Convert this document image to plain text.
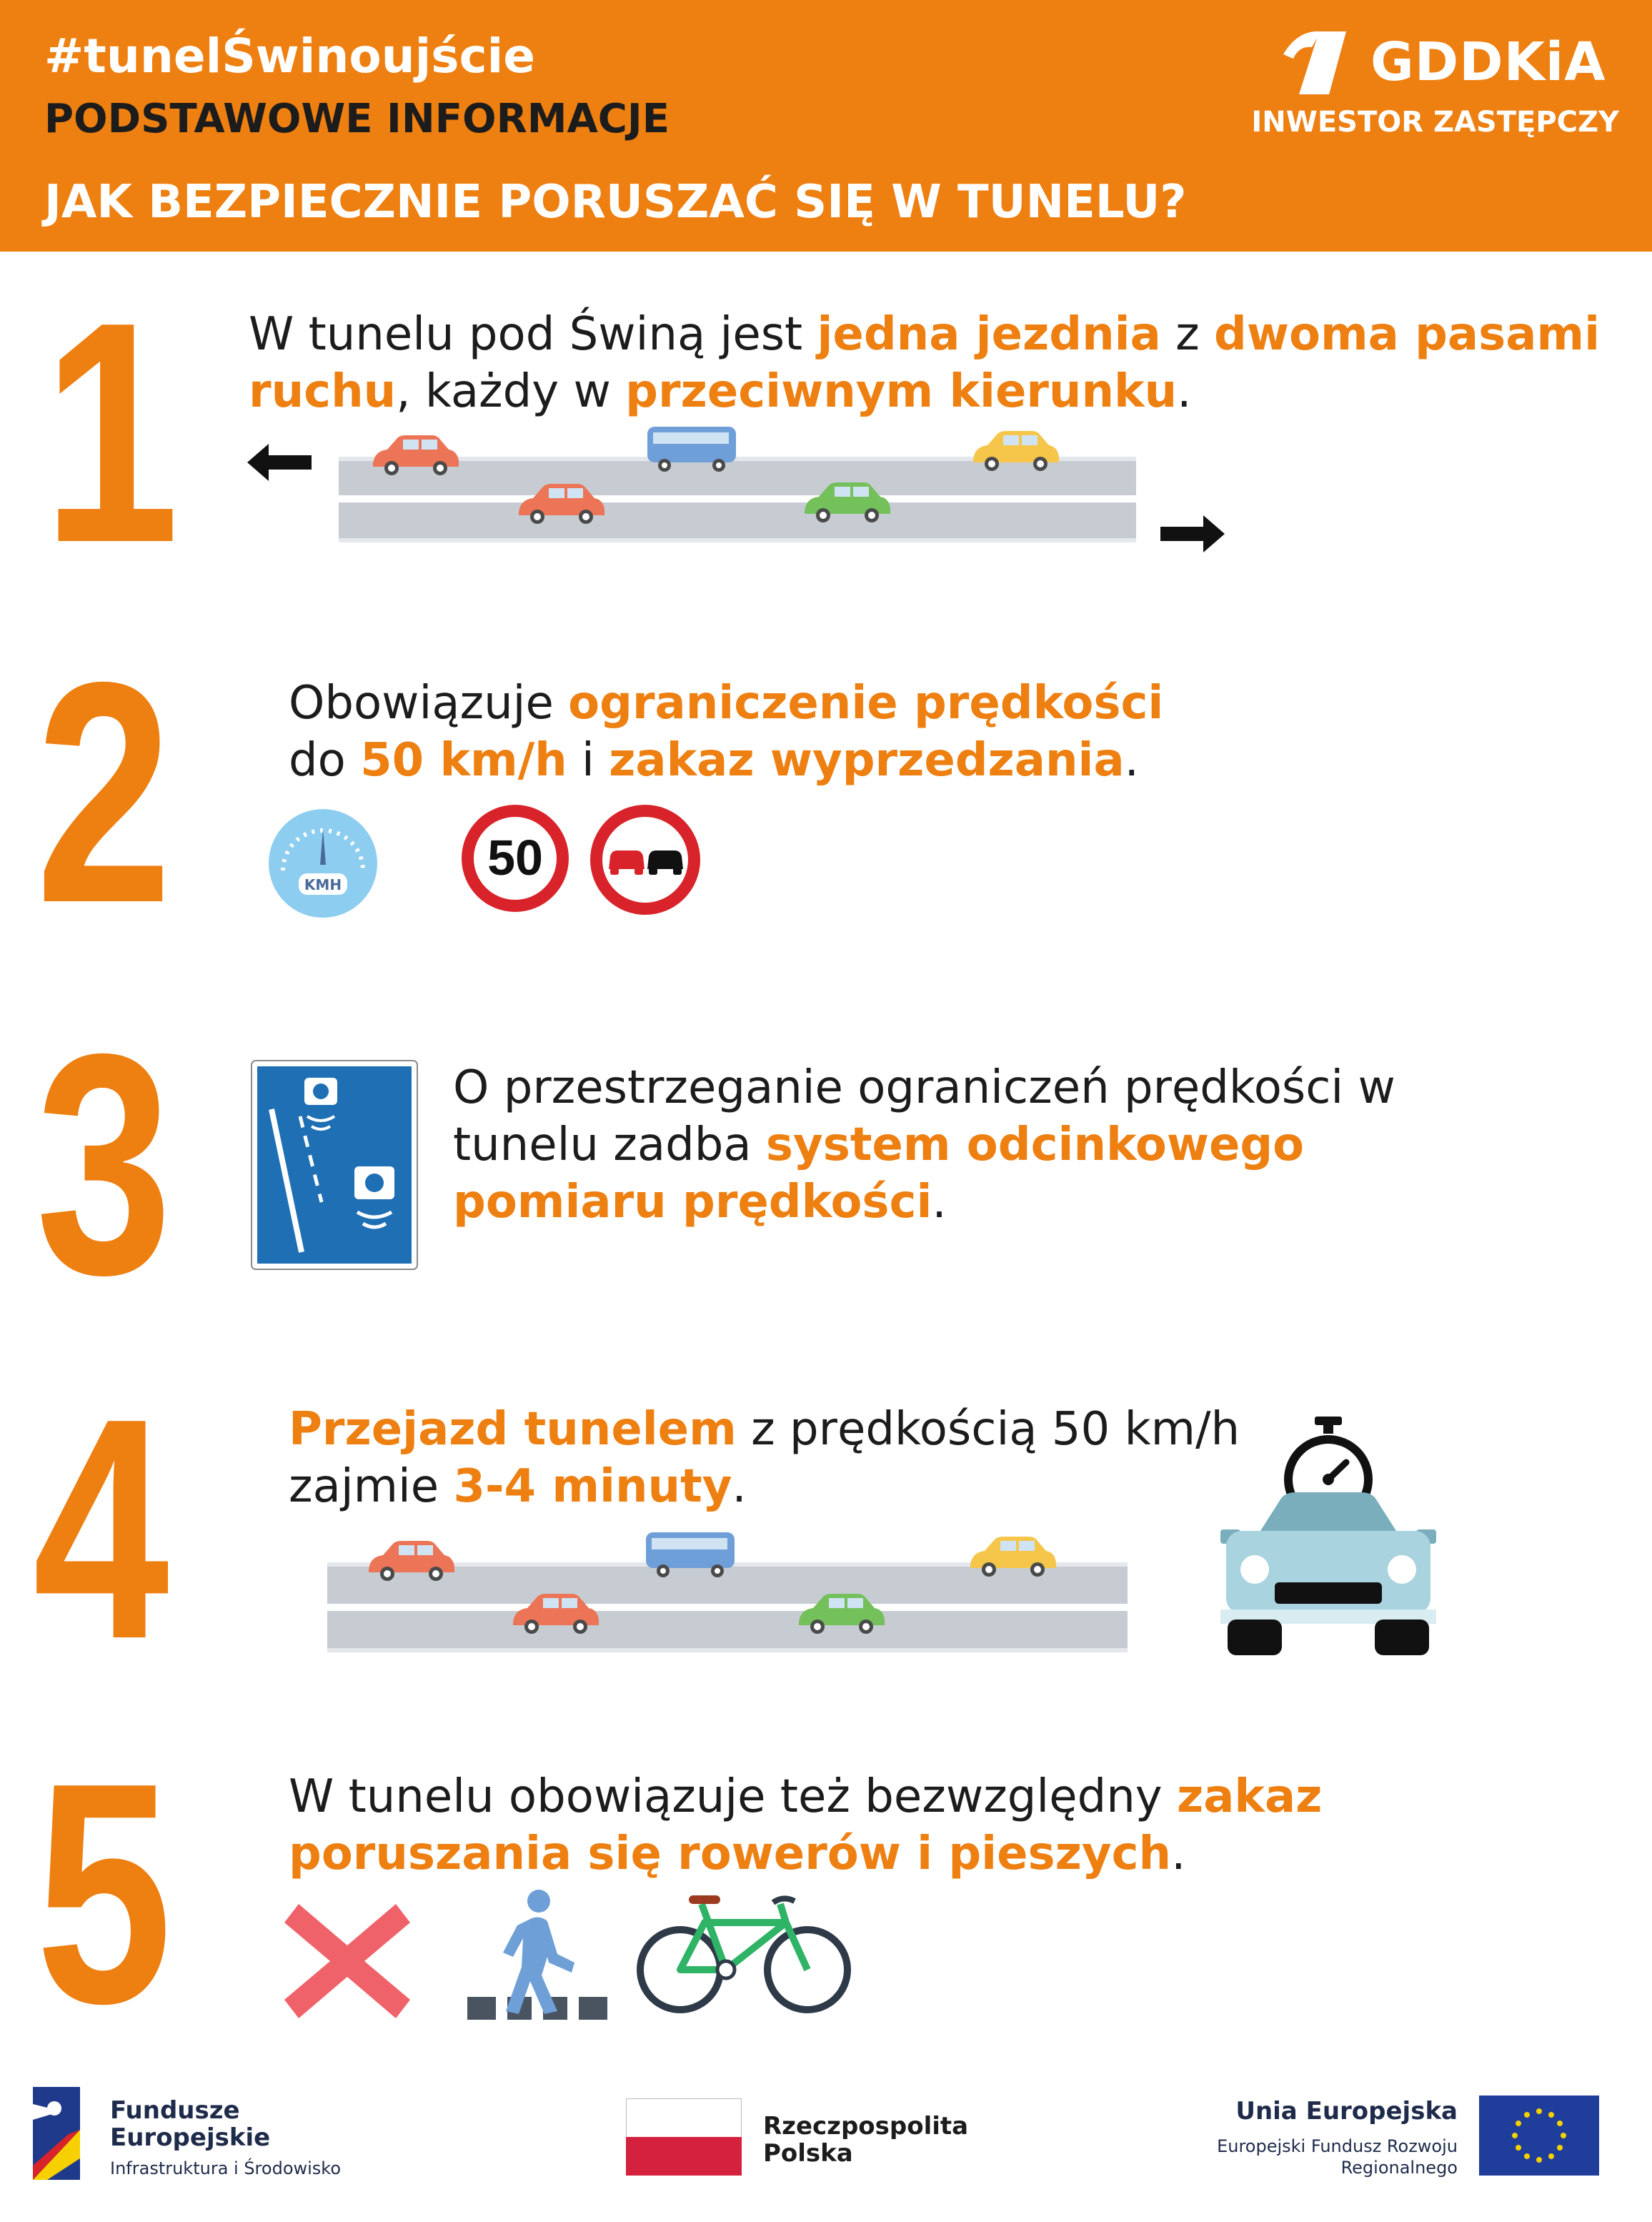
#tunelŚwinoujście
PODSTAWOWE INFORMACJE
JAK BEZPIECZNIE PORUSZAĆ SIĘ W TUNELU?
GDDKiA
INWESTOR ZASTĘPCZY
1
2
3
4
5
W tunelu pod Świną jest jedna jezdnia z dwoma pasami ruchu, każdy w przeciwnym kierunku.
Obowiązuje ograniczenie prędkości do 50 km/h i zakaz wyprzedzania.
O przestrzeganie ograniczeń prędkości w tunelu zadba system odcinkowego pomiaru prędkości.
Przejazd tunelem z prędkością 50 km/h zajmie 3-4 minuty.
W tunelu obowiązuje też bezwzględny zakaz poruszania się rowerów i pieszych.
KMH	50
Fundusze Europejskie
Infrastruktura i Środowisko
Rzeczpospolita Polska
Unia Europejska
Europejski Fundusz Rozwoju Regionalnego
